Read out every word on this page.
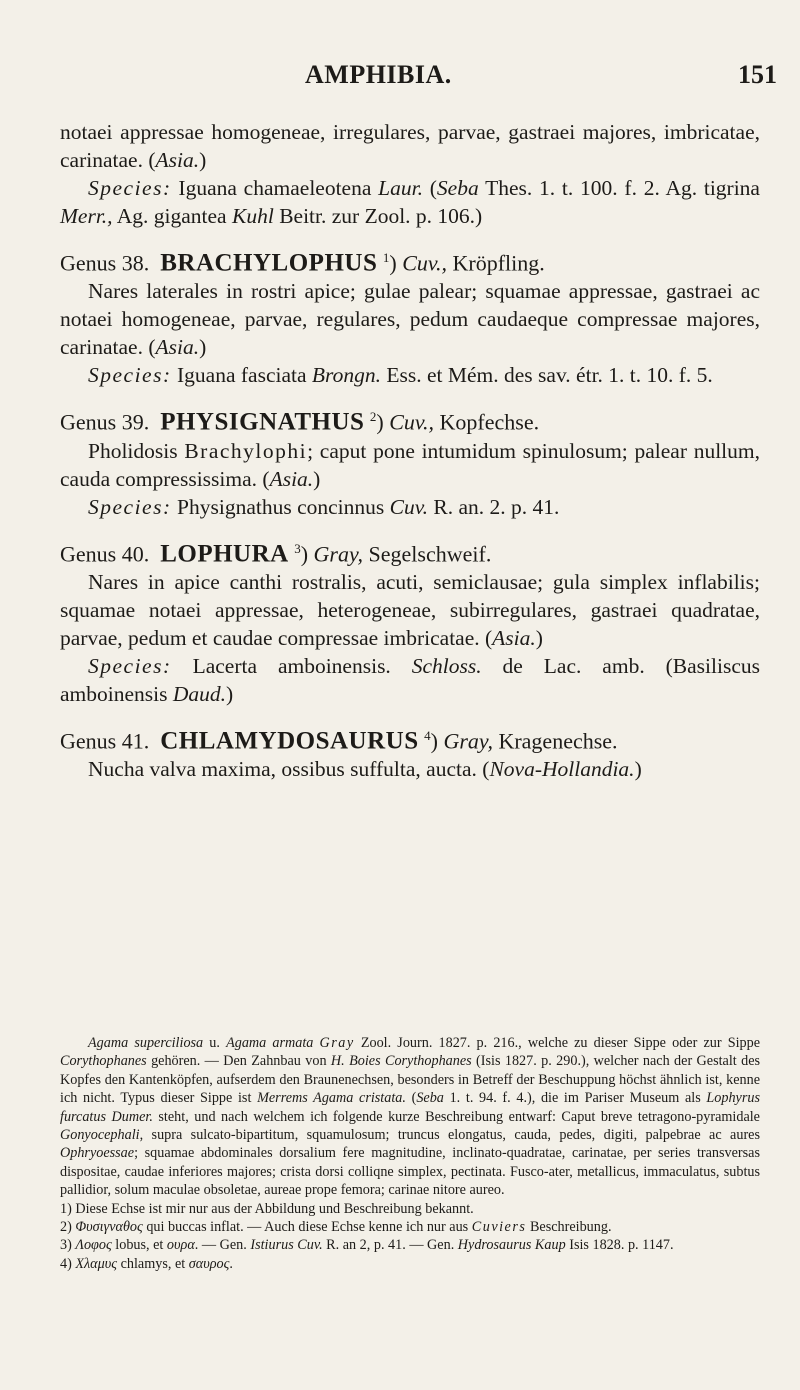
AMPHIBIA.	151

notaei appressae homogeneae, irregulares, parvae, gastraei majores, imbricatae, carinatae. (Asia.)

Species: Iguana chamaeleotena Laur. (Seba Thes. 1. t. 100. f. 2. Ag. tigrina Merr., Ag. gigantea Kuhl Beitr. zur Zool. p. 106.)

Genus 38. BRACHYLOPHUS $^1$) Cuv., Kröpfling.

Nares laterales in rostri apice; gulae palear; squamae appressae, gastraei ac notaei homogeneae, parvae, regulares, pedum caudaeque compressae majores, carinatae. (Asia.)

Species: Iguana fasciata Brongn. Ess. et Mém. des sav. étr. 1. t. 10. f. 5.

Genus 39. PHYSIGNATHUS $^2$) Cuv., Kopfechse.

Pholidosis Brachylophi; caput pone intumidum spinulosum; palear nullum, cauda compressissima. (Asia.)

Species: Physignathus concinnus Cuv. R. an. 2. p. 41.

Genus 40. LOPHURA $^3$) Gray, Segelschweif.

Nares in apice canthi rostralis, acuti, semiclausae; gula simplex inflabilis; squamae notaei appressae, heterogeneae, subirregulares, gastraei quadratae, parvae, pedum et caudae compressae imbricatae. (Asia.)

Species: Lacerta amboinensis. Schloss. de Lac. amb. (Basiliscus amboinensis Daud.)

Genus 41. CHLAMYDOSAURUS $^4$) Gray, Kragenechse.

Nucha valva maxima, ossibus suffulta, aucta. (Nova-Hollandia.)

Agama superciliosa u. Agama armata Gray Zool. Journ. 1827. p. 216., welche zu dieser Sippe oder zur Sippe Corythophanes gehören. — Den Zahnbau von H. Boies Corythophanes (Isis 1827. p. 290.), welcher nach der Gestalt des Kopfes den Kantenköpfen, aufserdem den Braunenechsen, besonders in Betreff der Beschuppung höchst ähnlich ist, kenne ich nicht. Typus dieser Sippe ist Merrems Agama cristata. (Seba 1. t. 94. f. 4.), die im Pariser Museum als Lophyrus furcatus Dumer. steht, und nach welchem ich folgende kurze Beschreibung entwarf: Caput breve tetragono-pyramidale Gonyocephali, supra sulcato-bipartitum, squamulosum; truncus elongatus, cauda, pedes, digiti, palpebrae ac aures Ophryoessae; squamae abdominales dorsalium fere magnitudine, inclinato-quadratae, carinatae, per series transversas dispositae, caudae inferiores majores; crista dorsi colliqne simplex, pectinata. Fusco-ater, metallicus, immaculatus, subtus pallidior, solum maculae obsoletae, aureae prope femora; carinae nitore aureo.

1) Diese Echse ist mir nur aus der Abbildung und Beschreibung bekannt.

2) Φυσιγναθος qui buccas inflat. — Auch diese Echse kenne ich nur aus Cuviers Beschreibung.

3) Λοφος lobus, et ουρα. — Gen. Istiurus Cuv. R. an 2, p. 41. — Gen. Hydrosaurus Kaup Isis 1828. p. 1147.

4) Χλαμυς chlamys, et σαυρος.
